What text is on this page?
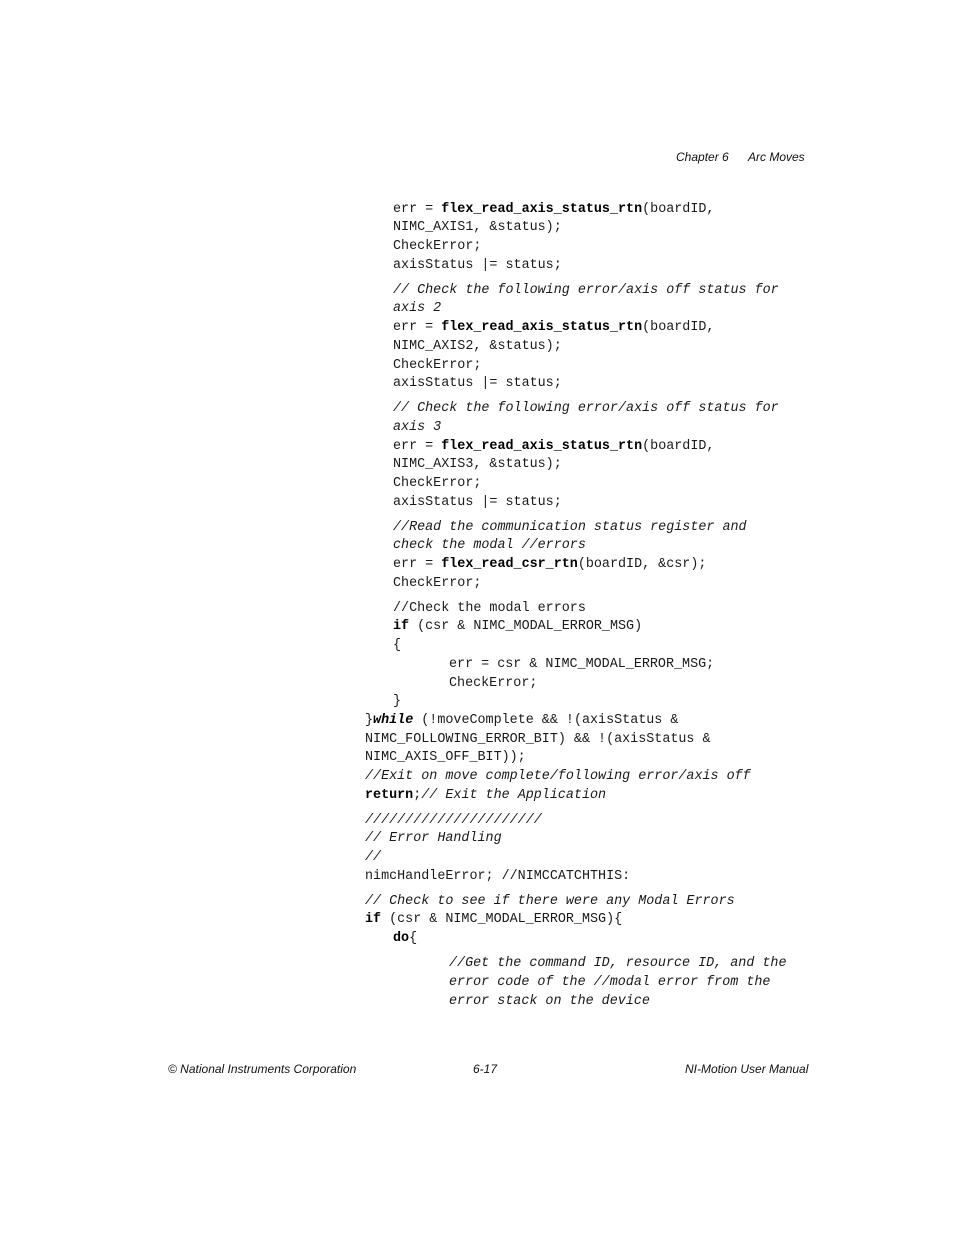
Chapter 6 Arc Moves
err = flex_read_axis_status_rtn(boardID,
NIMC_AXIS1, &status);
CheckError;
axisStatus |= status;
// Check the following error/axis off status for
axis 2
err = flex_read_axis_status_rtn(boardID,
NIMC_AXIS2, &status);
CheckError;
axisStatus |= status;
// Check the following error/axis off status for
axis 3
err = flex_read_axis_status_rtn(boardID,
NIMC_AXIS3, &status);
CheckError;
axisStatus |= status;
//Read the communication status register and
check the modal //errors
err = flex_read_csr_rtn(boardID, &csr);
CheckError;
//Check the modal errors
if (csr & NIMC_MODAL_ERROR_MSG)
{
err = csr & NIMC_MODAL_ERROR_MSG;
CheckError;
}
}while (!moveComplete && !(axisStatus &
NIMC_FOLLOWING_ERROR_BIT) && !(axisStatus &
NIMC_AXIS_OFF_BIT));
//Exit on move complete/following error/axis off
return;// Exit the Application
//////////////////////
// Error Handling
//
nimcHandleError; //NIMCCATCHTHIS:
// Check to see if there were any Modal Errors
if (csr & NIMC_MODAL_ERROR_MSG){
do{
//Get the command ID, resource ID, and the
error code of the //modal error from the
error stack on the device
© National Instruments Corporation	6-17	NI-Motion User Manual
